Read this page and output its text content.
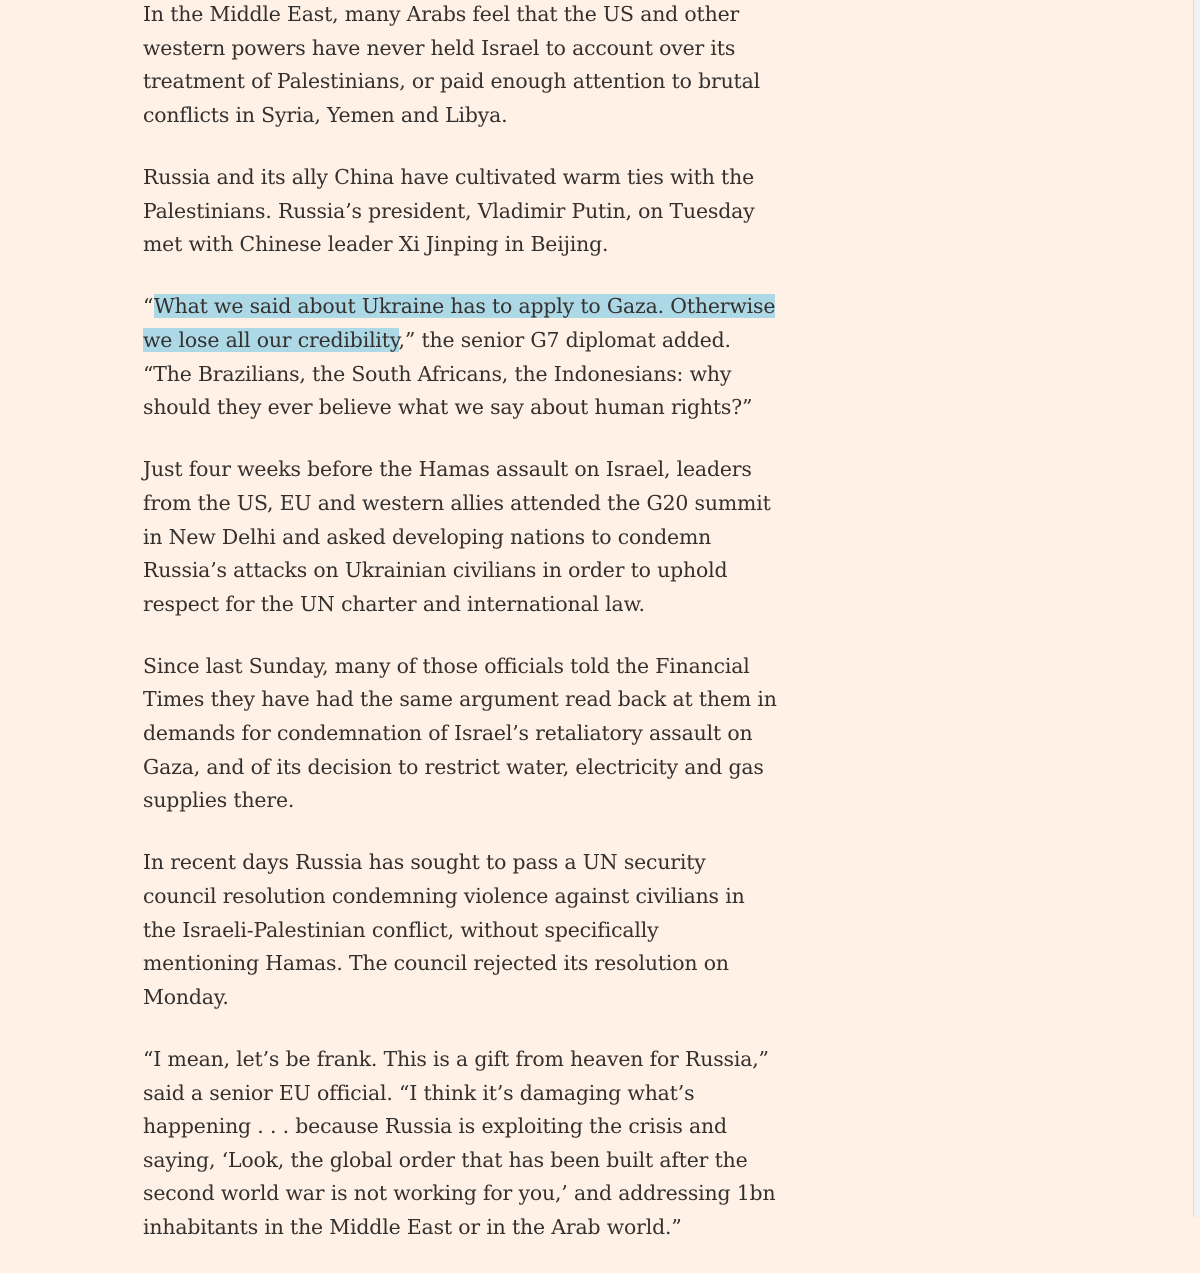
In the Middle East, many Arabs feel that the US and other western powers have never held Israel to account over its treatment of Palestinians, or paid enough attention to brutal conflicts in Syria, Yemen and Libya.

Russia and its ally China have cultivated warm ties with the Palestinians. Russia’s president, Vladimir Putin, on Tuesday met with Chinese leader Xi Jinping in Beijing.

“What we said about Ukraine has to apply to Gaza. Otherwise we lose all our credibility,” the senior G7 diplomat added. “The Brazilians, the South Africans, the Indonesians: why should they ever believe what we say about human rights?”

Just four weeks before the Hamas assault on Israel, leaders from the US, EU and western allies attended the G20 summit in New Delhi and asked developing nations to condemn Russia’s attacks on Ukrainian civilians in order to uphold respect for the UN charter and international law.

Since last Sunday, many of those officials told the Financial Times they have had the same argument read back at them in demands for condemnation of Israel’s retaliatory assault on Gaza, and of its decision to restrict water, electricity and gas supplies there.

In recent days Russia has sought to pass a UN security council resolution condemning violence against civilians in the Israeli-Palestinian conflict, without specifically mentioning Hamas. The council rejected its resolution on Monday.

“I mean, let’s be frank. This is a gift from heaven for Russia,” said a senior EU official. “I think it’s damaging what’s happening . . . because Russia is exploiting the crisis and saying, ‘Look, the global order that has been built after the second world war is not working for you,’ and addressing 1bn inhabitants in the Middle East or in the Arab world.”
